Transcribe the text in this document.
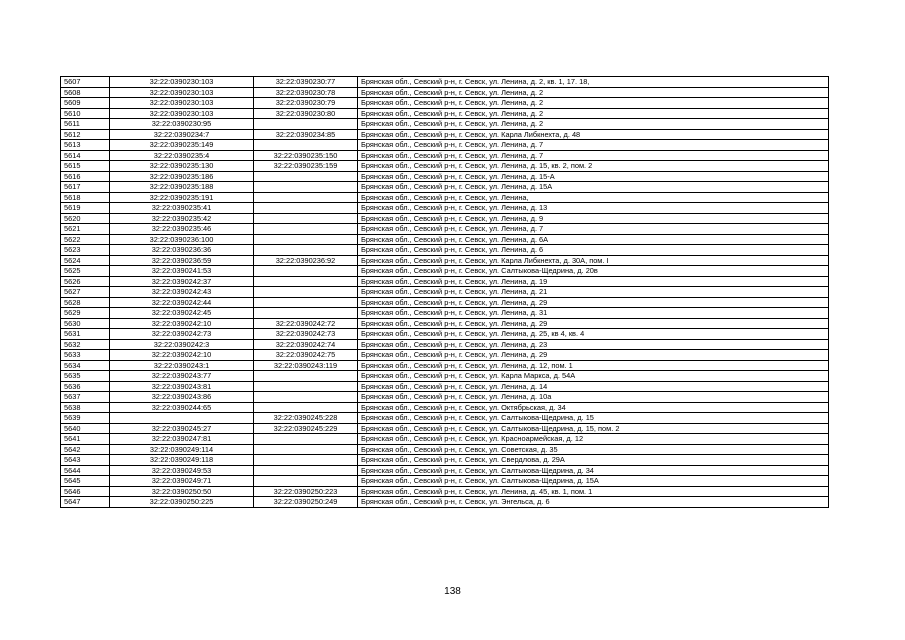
5607	32:22:0390230:103	32:22:0390230:77	Брянская обл., Севский р-н, г. Севск, ул. Ленина, д. 2, кв. 1, 17. 18,
5608	32:22:0390230:103	32:22:0390230:78	Брянская обл., Севский р-н, г. Севск, ул. Ленина, д. 2
5609	32:22:0390230:103	32:22:0390230:79	Брянская обл., Севский р-н, г. Севск, ул. Ленина, д. 2
5610	32:22:0390230:103	32:22:0390230:80	Брянская обл., Севский р-н, г. Севск, ул. Ленина, д. 2
5611	32:22:0390230:95		Брянская обл., Севский р-н, г. Севск, ул. Ленина, д. 2
5612	32:22:0390234:7	32:22:0390234:85	Брянская обл., Севский р-н, г. Севск, ул. Карла Либкнехта, д. 48
5613	32:22:0390235:149		Брянская обл., Севский р-н, г. Севск, ул. Ленина, д. 7
5614	32:22:0390235:4	32:22:0390235:150	Брянская обл., Севский р-н, г. Севск, ул. Ленина, д. 7
5615	32:22:0390235:130	32:22:0390235:159	Брянская обл., Севский р-н, г. Севск, ул. Ленина, д. 15, кв. 2, пом. 2
5616	32:22:0390235:186		Брянская обл., Севский р-н, г. Севск, ул. Ленина, д. 15-А
5617	32:22:0390235:188		Брянская обл., Севский р-н, г. Севск, ул. Ленина, д. 15А
5618	32:22:0390235:191		Брянская обл., Севский р-н, г. Севск, ул. Ленина,
5619	32:22:0390235:41		Брянская обл., Севский р-н, г. Севск, ул. Ленина, д. 13
5620	32:22:0390235:42		Брянская обл., Севский р-н, г. Севск, ул. Ленина, д. 9
5621	32:22:0390235:46		Брянская обл., Севский р-н, г. Севск, ул. Ленина, д. 7
5622	32:22:0390236:100		Брянская обл., Севский р-н, г. Севск, ул. Ленина, д. 6А
5623	32:22:0390236:36		Брянская обл., Севский р-н, г. Севск, ул. Ленина, д. 6
5624	32:22:0390236:59	32:22:0390236:92	Брянская обл., Севский р-н, г. Севск, ул. Карла Либкнехта, д. 30А, пом. I
5625	32:22:0390241:53		Брянская обл., Севский р-н, г. Севск, ул. Салтыкова-Щедрина, д. 20в
5626	32:22:0390242:37		Брянская обл., Севский р-н, г. Севск, ул. Ленина, д. 19
5627	32:22:0390242:43		Брянская обл., Севский р-н, г. Севск, ул. Ленина, д. 21
5628	32:22:0390242:44		Брянская обл., Севский р-н, г. Севск, ул. Ленина, д. 29
5629	32:22:0390242:45		Брянская обл., Севский р-н, г. Севск, ул. Ленина, д. 31
5630	32:22:0390242:10	32:22:0390242:72	Брянская обл., Севский р-н, г. Севск, ул. Ленина, д. 29
5631	32:22:0390242:73	32:22:0390242:73	Брянская обл., Севский р-н, г. Севск, ул. Ленина, д. 25, кв 4, кв. 4
5632	32:22:0390242:3	32:22:0390242:74	Брянская обл., Севский р-н, г. Севск, ул. Ленина, д. 23
5633	32:22:0390242:10	32:22:0390242:75	Брянская обл., Севский р-н, г. Севск, ул. Ленина, д. 29
5634	32:22:0390243:1	32:22:0390243:119	Брянская обл., Севский р-н, г. Севск, ул. Ленина, д. 12, пом. 1
5635	32:22:0390243:77		Брянская обл., Севский р-н, г. Севск, ул. Карла Маркса, д. 54А
5636	32:22:0390243:81		Брянская обл., Севский р-н, г. Севск, ул. Ленина, д. 14
5637	32:22:0390243:86		Брянская обл., Севский р-н, г. Севск, ул. Ленина, д. 10а
5638	32:22:0390244:65		Брянская обл., Севский р-н, г. Севск, ул. Октябрьская, д. 34
5639		32:22:0390245:228	Брянская обл., Севский р-н, г. Севск, ул. Салтыкова-Щедрина, д. 15
5640	32:22:0390245:27	32:22:0390245:229	Брянская обл., Севский р-н, г. Севск, ул. Салтыкова-Щедрина, д. 15, пом. 2
5641	32:22:0390247:81		Брянская обл., Севский р-н, г. Севск, ул. Красноармейская, д. 12
5642	32:22:0390249:114		Брянская обл., Севский р-н, г. Севск, ул. Советская, д. 35
5643	32:22:0390249:118		Брянская обл., Севский р-н, г. Севск, ул. Свердлова, д. 29А
5644	32:22:0390249:53		Брянская обл., Севский р-н, г. Севск, ул. Салтыкова-Щедрина, д. 34
5645	32:22:0390249:71		Брянская обл., Севский р-н, г. Севск, ул. Салтыкова-Щедрина, д. 15А
5646	32:22:0390250:50	32:22:0390250:223	Брянская обл., Севский р-н, г. Севск, ул. Ленина, д. 45, кв. 1, пом. 1
5647	32:22:0390250:225	32:22:0390250:249	Брянская обл., Севский р-н, г. Севск, ул. Энгельса, д. 6
138
